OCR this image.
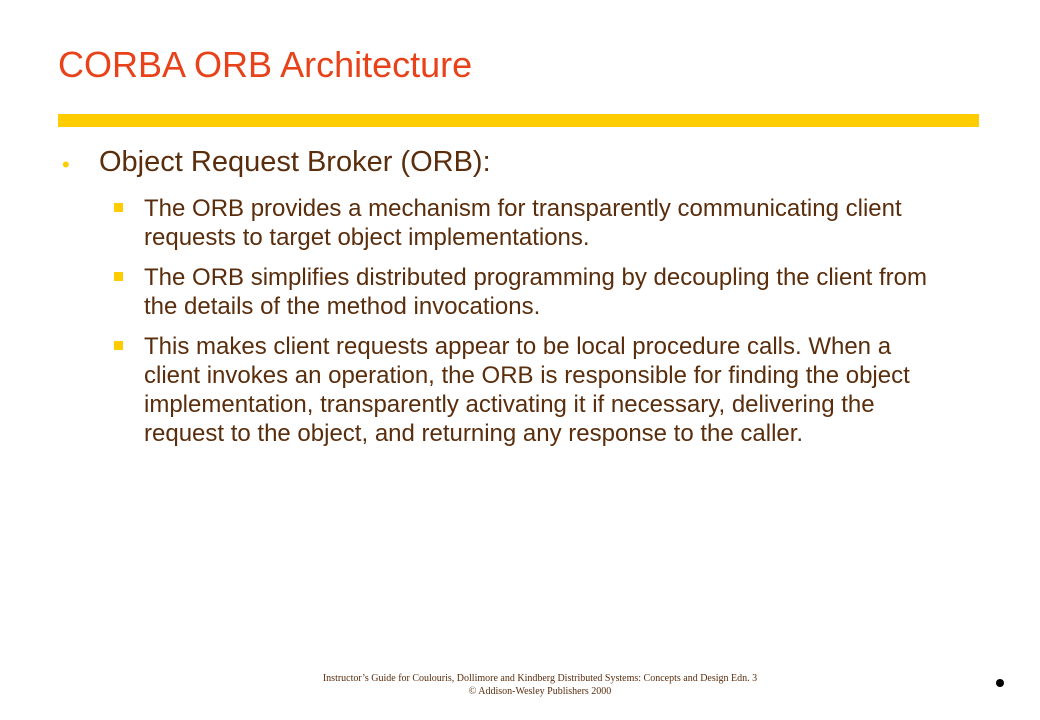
CORBA ORB Architecture
• Object Request Broker (ORB):

The ORB provides a mechanism for transparently communicating client requests to target object implementations.

The ORB simplifies distributed programming by decoupling the client from the details of the method invocations.

This makes client requests appear to be local procedure calls. When a client invokes an operation, the ORB is responsible for finding the object implementation, transparently activating it if necessary, delivering the request to the object, and returning any response to the caller.

Instructor’s Guide for Coulouris, Dollimore and Kindberg Distributed Systems: Concepts and Design Edn. 3
© Addison-Wesley Publishers 2000
